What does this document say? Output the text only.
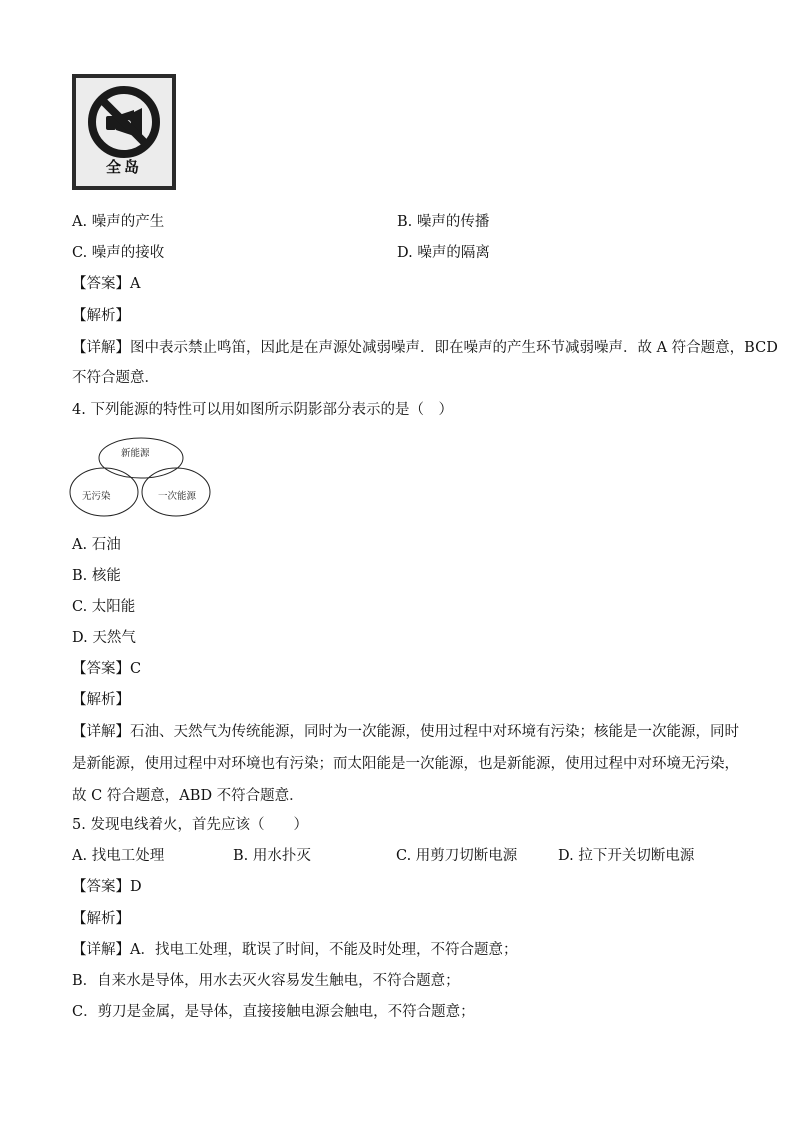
全岛
A. 噪声的产生	B. 噪声的传播
C. 噪声的接收	D. 噪声的隔离
【答案】A
【解析】
【详解】图中表示禁止鸣笛，因此是在声源处减弱噪声．即在噪声的产生环节减弱噪声．故 A 符合题意，BCD
不符合题意．
4. 下列能源的特性可以用如图所示阴影部分表示的是（　）
新能源
无污染	一次能源
A. 石油
B. 核能
C. 太阳能
D. 天然气
【答案】C
【解析】
【详解】石油、天然气为传统能源，同时为一次能源，使用过程中对环境有污染；核能是一次能源，同时
是新能源，使用过程中对环境也有污染；而太阳能是一次能源，也是新能源，使用过程中对环境无污染，
故 C 符合题意，ABD 不符合题意．
5. 发现电线着火，首先应该（　　）
A. 找电工处理	B. 用水扑灭	C. 用剪刀切断电源	D. 拉下开关切断电源
【答案】D
【解析】
【详解】A．找电工处理，耽误了时间，不能及时处理，不符合题意；
B．自来水是导体，用水去灭火容易发生触电，不符合题意；
C．剪刀是金属，是导体，直接接触电源会触电，不符合题意；
